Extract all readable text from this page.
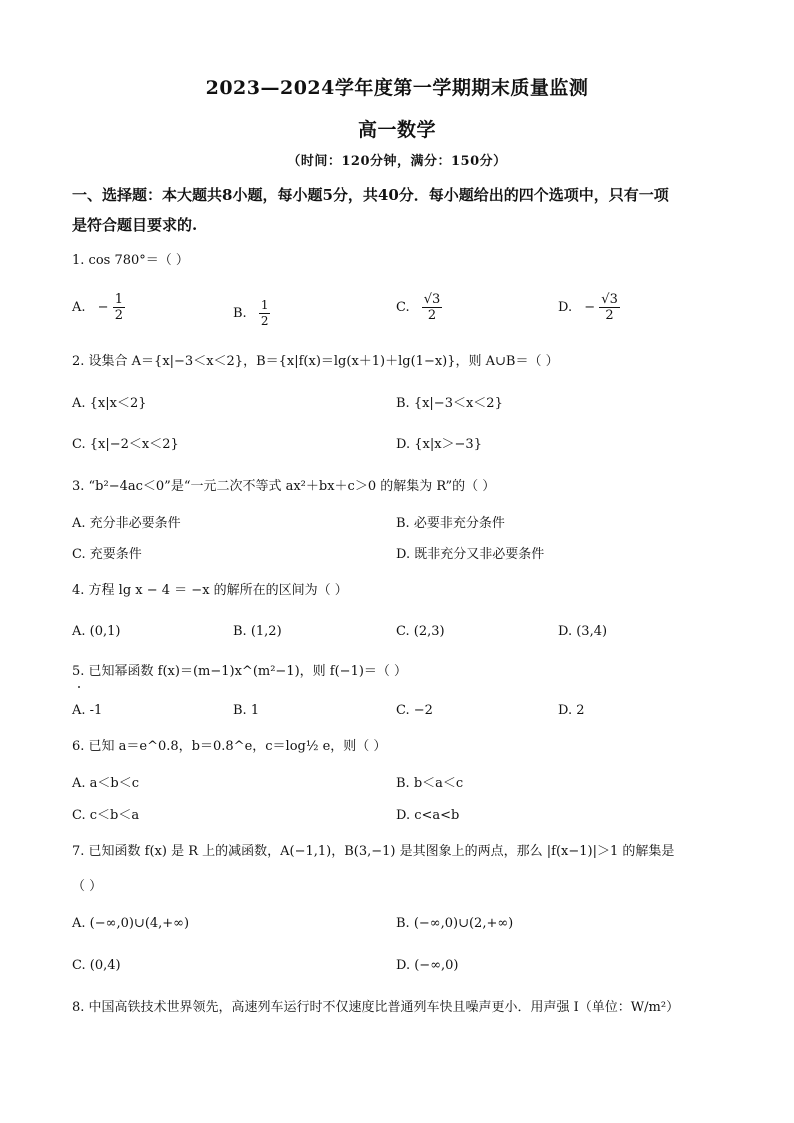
2023—2024学年度第一学期期末质量监测
高一数学
（时间：120分钟，满分：150分）
一、选择题：本大题共8小题，每小题5分，共40分．每小题给出的四个选项中，只有一项
是符合题目要求的.
1. cos 780°＝（ ）
A. − $\frac{1}{2}$	B. $\frac{1}{2}$	C. $\frac{√3}{2}$	D. − $\frac{√3}{2}$
2. 设集合 A＝{x|−3＜x＜2}，B＝{x|f(x)＝lg(x＋1)＋lg(1−x)}，则 A∪B＝（ ）
A. {x|x＜2}	B. {x|−3＜x＜2}
C. {x|−2＜x＜2}	D. {x|x＞−3}
3. “b²−4ac＜0”是“一元二次不等式 ax²＋bx＋c＞0 的解集为 R”的（ ）
A. 充分非必要条件	B. 必要非充分条件
C. 充要条件	D. 既非充分又非必要条件
4. 方程 lg x − 4 ＝ −x 的解所在的区间为（ ）
A. (0,1)	B. (1,2)	C. (2,3)	D. (3,4)
5. 已知幂函数 f(x)＝(m−1)x^(m²−1)，则 f(−1)＝（ ）
A. -1	B. 1	C. −2	D. 2
6. 已知 a＝e^0.8，b＝0.8^e，c＝log½ e，则（ ）
A. a＜b＜c	B. b＜a＜c
C. c＜b＜a	D. c<a<b
7. 已知函数 f(x) 是 R 上的减函数，A(−1,1)，B(3,−1) 是其图象上的两点，那么 |f(x−1)|＞1 的解集是
（ ）
A. (−∞,0)∪(4,+∞)	B. (−∞,0)∪(2,+∞)
C. (0,4)	D. (−∞,0)
8. 中国高铁技术世界领先，高速列车运行时不仅速度比普通列车快且噪声更小．用声强 I（单位：W/m²）
